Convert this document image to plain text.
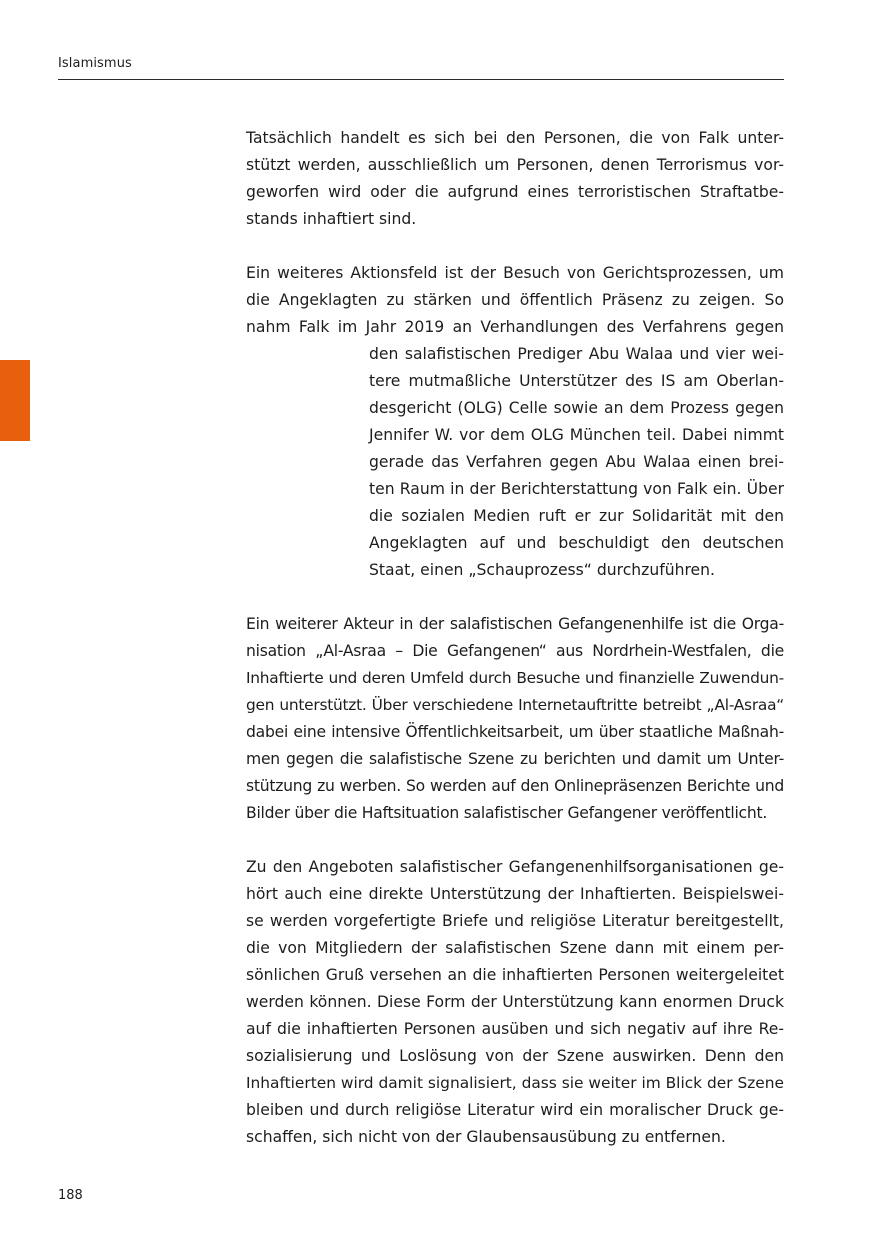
Islamismus
Tatsächlich handelt es sich bei den Personen, die von Falk unter-
stützt werden, ausschließlich um Personen, denen Terrorismus vor-
geworfen wird oder die aufgrund eines terroristischen Straftatbe-
stands inhaftiert sind.
Ein weiteres Aktionsfeld ist der Besuch von Gerichtsprozessen, um
die Angeklagten zu stärken und öffentlich Präsenz zu zeigen. So
nahm Falk im Jahr 2019 an Verhandlungen des Verfahrens gegen
den salafistischen Prediger Abu Walaa und vier wei-
tere mutmaßliche Unterstützer des IS am Oberlan-
desgericht (OLG) Celle sowie an dem Prozess gegen
Jennifer W. vor dem OLG München teil. Dabei nimmt
gerade das Verfahren gegen Abu Walaa einen brei-
ten Raum in der Berichterstattung von Falk ein. Über
die sozialen Medien ruft er zur Solidarität mit den
Angeklagten auf und beschuldigt den deutschen
Staat, einen „Schauprozess“ durchzuführen.
Ein weiterer Akteur in der salafistischen Gefangenenhilfe ist die Orga-
nisation „Al-Asraa – Die Gefangenen“ aus Nordrhein-Westfalen, die
Inhaftierte und deren Umfeld durch Besuche und finanzielle Zuwendun-
gen unterstützt. Über verschiedene Internetauftritte betreibt „Al-Asraa“
dabei eine intensive Öffentlichkeitsarbeit, um über staatliche Maßnah-
men gegen die salafistische Szene zu berichten und damit um Unter-
stützung zu werben. So werden auf den Onlinepräsenzen Berichte und
Bilder über die Haftsituation salafistischer Gefangener veröffentlicht.
Zu den Angeboten salafistischer Gefangenenhilfsorganisationen ge-
hört auch eine direkte Unterstützung der Inhaftierten. Beispielswei-
se werden vorgefertigte Briefe und religiöse Literatur bereitgestellt,
die von Mitgliedern der salafistischen Szene dann mit einem per-
sönlichen Gruß versehen an die inhaftierten Personen weitergeleitet
werden können. Diese Form der Unterstützung kann enormen Druck
auf die inhaftierten Personen ausüben und sich negativ auf ihre Re-
sozialisierung und Loslösung von der Szene auswirken. Denn den
Inhaftierten wird damit signalisiert, dass sie weiter im Blick der Szene
bleiben und durch religiöse Literatur wird ein moralischer Druck ge-
schaffen, sich nicht von der Glaubensausübung zu entfernen.
188
